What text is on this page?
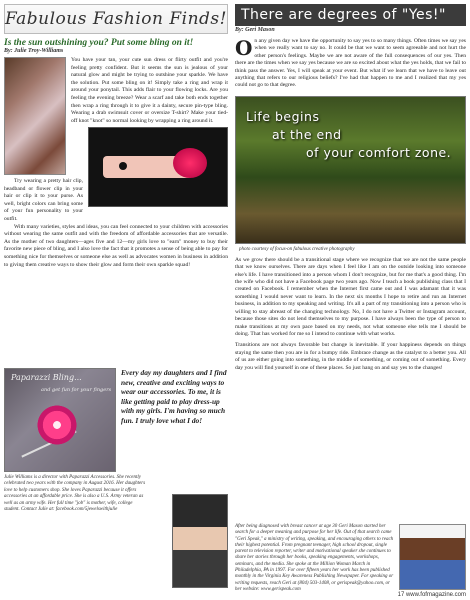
Fabulous Fashion Finds!
Is the sun outshining you? Put some bling on it!
By: Julie Troy-Williams
You have your tan, your cute sun dress or flirty outfit and you're feeling pretty confident. But it seems the sun is jealous of your natural glow and might be trying to outshine your sparkle. We have the solution. Put some bling on it! Simply take a ring and wrap it around your ponytail. This adds flair to your flowing locks. Are you feeling the evening breeze? Wear a scarf and take both ends together then wrap a ring through it to give it a dainty, secure pin-type bling. Wearing a drab swimsuit cover or oversize T-shirt? Make your tied-off knot "knot" so normal looking by wrapping a ring around it.

Try wearing a pretty hair clip, headband or flower clip in your hair or clip it to your purse. As well, bright colors can bring some of your fun personality to your outfit.

With many varieties, styles and ideas, you can feel connected to your children with accessories without wearing the same outfit and with the freedom of affordable accessories that are versatile. As the mother of two daughters—ages five and 12—my girls love to "earn" money to buy their favorite new piece of bling, and I also love the fact that it promotes a sense of being able to pay for something nice for themselves or someone else as well as advocates women in business in addition to giving them creative ways to show their glow and form their own sparkle squad!

Paparazzi Bling...
and get fun for your fingers
Every day my daughters and I find new, creative and exciting ways to wear our accessories. To me, it is like getting paid to play dress-up with my girls. I'm having so much fun. I truly love what I do!
Julie Williams is a director with Paparazzi Accessories. She recently celebrated two years with the company in August 2016. Her daughters love to help customers shop. She loves Paparazzi because it offers accessories at an affordable price. She is also a U.S. Army veteran as well as an army wife. Her full time "job" is mother, wife, college student. Contact Julie at: facebook.com/5jewelswithjulie
There are degrees of "Yes!"
By: Geri Mason
O n any given day we have the opportunity to say yes to so many things. Often times we say yes when we really want to say no. It could be that we want to seem agreeable and not hurt the other person's feelings. Maybe we are not aware of the full consequences of our yes. Then there are the times when we say yes because we are so excited about what the yes holds, that we fail to think pass the answer. Yes, I will speak at your event. But what if we learn that we have to leave out anything that refers to our religious beliefs? I've had that happen to me and I realized that my yes could not go to that degree.
Life begins
at the end
of your comfort zone.
photo courtesy of focus-on fabulous creative photography
As we grow there should be a transitional stage where we recognize that we are not the same people that we know ourselves. There are days when I feel like I am on the outside looking into someone else's life. I have transitioned into a person whom I don't recognize, but for me that's a good thing. I'm the wife who did not have a Facebook page two years ago. Now I teach a book publishing class that I created on Facebook. I remember when the Internet first came out and I was adamant that it was something I would never want to learn. In the next six months I hope to retire and run an Internet business, in addition to my speaking and writing. It's all a part of my transitioning into a person who is willing to stay abreast of the changing technology. No, I do not have a Twitter or Instagram account, because those sites do not lend themselves to my purpose. I have always been the type of person to make transitions at my own pace based on my needs, not what someone else tells me I should be doing. That has worked for me so I intend to continue with what works.
Transitions are not always favorable but change is inevitable. If your happiness depends on things staying the same then you are in for a bumpy ride. Embrace change as the catalyst to a better you. All of us are either going into something, in the middle of something, or coming out of something. Every day you will find yourself in one of these places. So just hang on and say yes to the changes!
After being diagnosed with breast cancer at age 30 Geri Mason started her search for a deeper meaning and purpose for her life. Out of that search came "Geri Speak," a ministry of writing, speaking, and encouraging others to reach their highest potential. From pregnant teenager, high school dropout, single parent to television reporter, writer and motivational speaker she continues to share her stories through her books, speaking engagements, workshops, seminars, and the media. She spoke at the Million Woman March in Philadelphia, PA in 1997. For over fifteen years her work has been published monthly in the Virginia Key Awareness Publishing Newspaper. For speaking or writing requests, reach Geri at (804) 503-1408, or gerispeak@yahoo.com, or her website: www.gerispeak.com
17 www.fofmagazine.com
